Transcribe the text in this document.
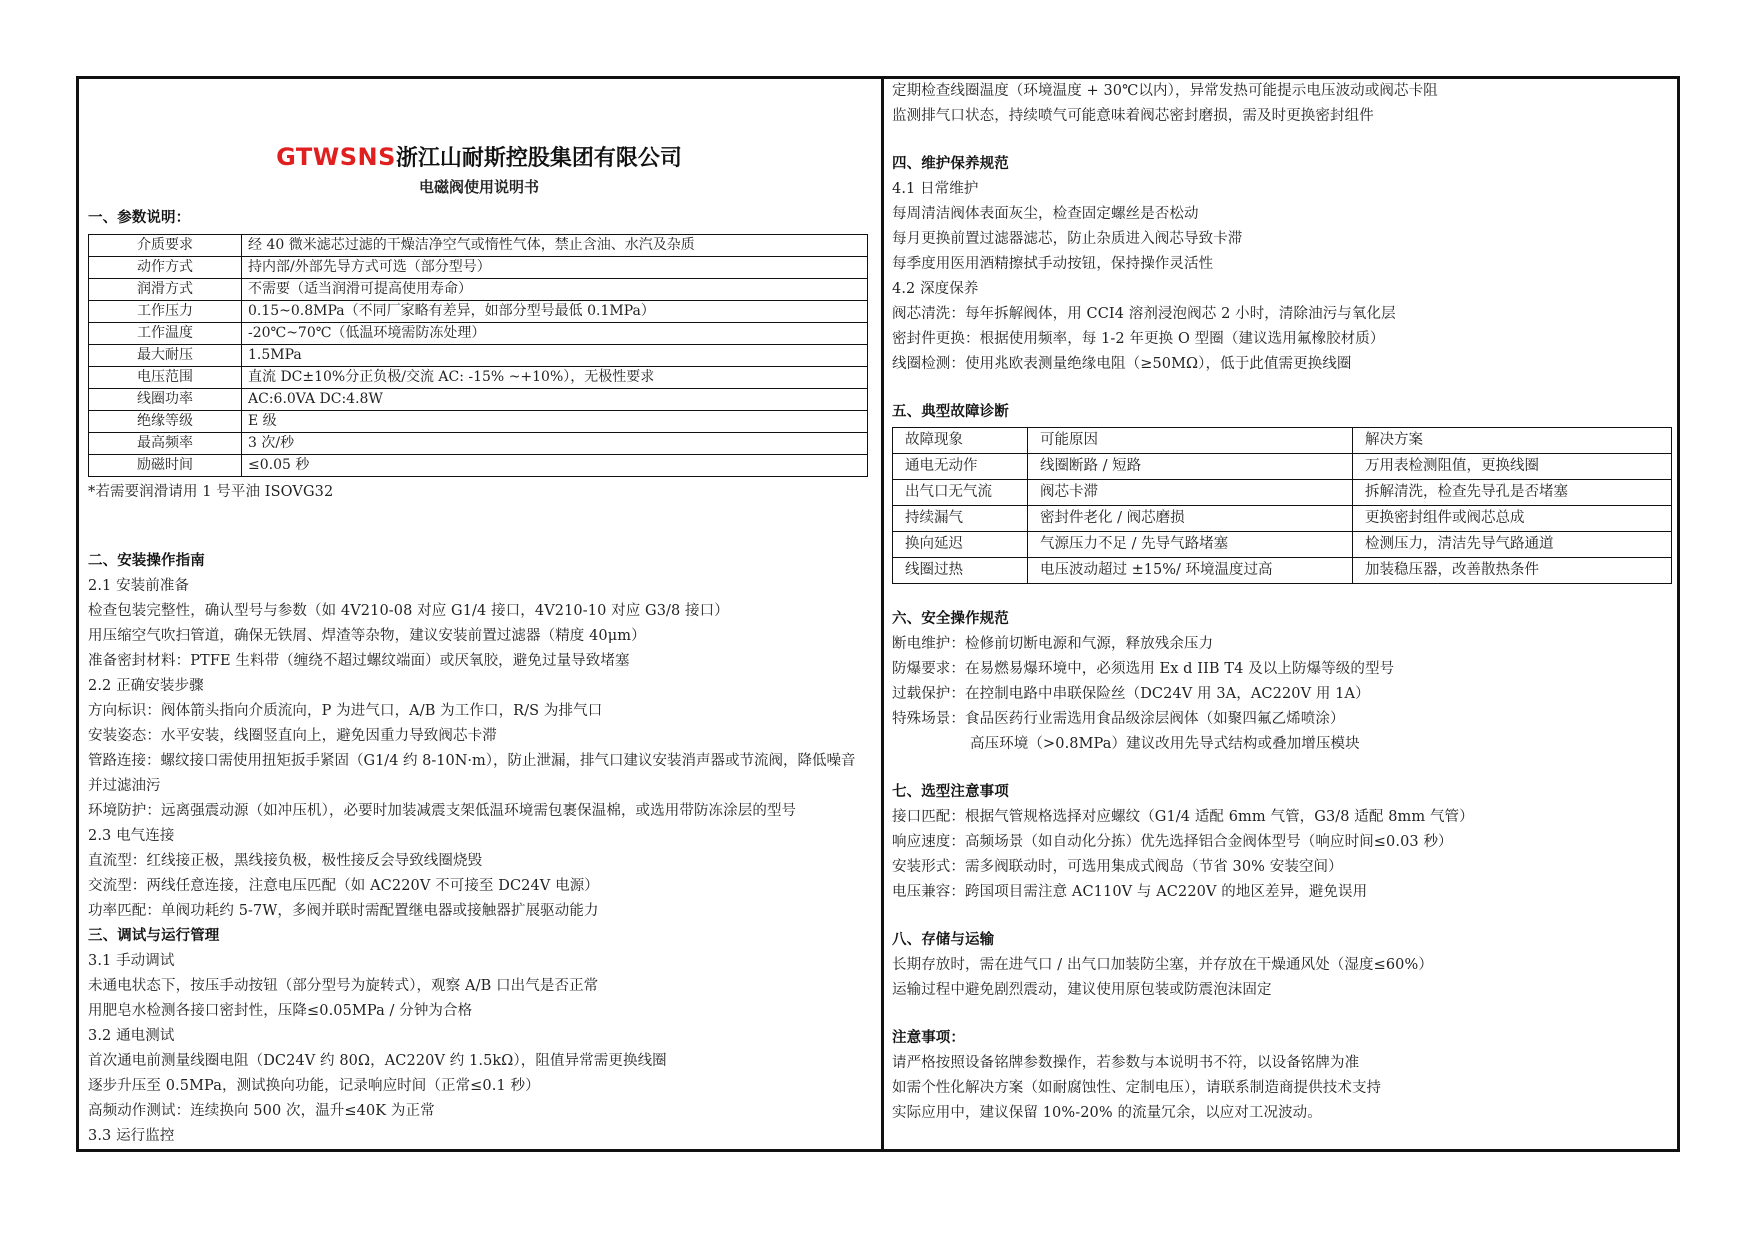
GTWSNS浙江山耐斯控股集团有限公司
电磁阀使用说明书
一、参数说明：
介质要求	经 40 微米滤芯过滤的干燥洁净空气或惰性气体，禁止含油、水汽及杂质
动作方式	持内部/外部先导方式可选（部分型号）
润滑方式	不需要（适当润滑可提高使用寿命）
工作压力	0.15~0.8MPa（不同厂家略有差异，如部分型号最低 0.1MPa）
工作温度	-20℃~70℃（低温环境需防冻处理）
最大耐压	1.5MPa
电压范围	直流 DC±10%分正负极/交流 AC: -15% ~+10%），无极性要求
线圈功率	AC:6.0VA DC:4.8W
绝缘等级	E 级
最高频率	3 次/秒
励磁时间	≤0.05 秒
*若需要润滑请用 1 号平油 ISOVG32
二、安装操作指南
2.1 安装前准备
检查包装完整性，确认型号与参数（如 4V210-08 对应 G1/4 接口，4V210-10 对应 G3/8 接口）
用压缩空气吹扫管道，确保无铁屑、焊渣等杂物，建议安装前置过滤器（精度 40μm）
准备密封材料：PTFE 生料带（缠绕不超过螺纹端面）或厌氧胶，避免过量导致堵塞
2.2 正确安装步骤
方向标识：阀体箭头指向介质流向，P 为进气口，A/B 为工作口，R/S 为排气口
安装姿态：水平安装，线圈竖直向上，避免因重力导致阀芯卡滞
管路连接：螺纹接口需使用扭矩扳手紧固（G1/4 约 8-10N·m），防止泄漏，排气口建议安装消声器或节流阀，降低噪音并过滤油污
环境防护：远离强震动源（如冲压机），必要时加装减震支架低温环境需包裹保温棉，或选用带防冻涂层的型号
2.3 电气连接
直流型：红线接正极，黑线接负极，极性接反会导致线圈烧毁
交流型：两线任意连接，注意电压匹配（如 AC220V 不可接至 DC24V 电源）
功率匹配：单阀功耗约 5-7W，多阀并联时需配置继电器或接触器扩展驱动能力
三、调试与运行管理
3.1 手动调试
未通电状态下，按压手动按钮（部分型号为旋转式），观察 A/B 口出气是否正常
用肥皂水检测各接口密封性，压降≤0.05MPa / 分钟为合格
3.2 通电测试
首次通电前测量线圈电阻（DC24V 约 80Ω，AC220V 约 1.5kΩ），阻值异常需更换线圈
逐步升压至 0.5MPa，测试换向功能，记录响应时间（正常≤0.1 秒）
高频动作测试：连续换向 500 次，温升≤40K 为正常
3.3 运行监控
定期检查线圈温度（环境温度 + 30℃以内），异常发热可能提示电压波动或阀芯卡阻
监测排气口状态，持续喷气可能意味着阀芯密封磨损，需及时更换密封组件
四、维护保养规范
4.1 日常维护
每周清洁阀体表面灰尘，检查固定螺丝是否松动
每月更换前置过滤器滤芯，防止杂质进入阀芯导致卡滞
每季度用医用酒精擦拭手动按钮，保持操作灵活性
4.2 深度保养
阀芯清洗：每年拆解阀体，用 CCI4 溶剂浸泡阀芯 2 小时，清除油污与氧化层
密封件更换：根据使用频率，每 1-2 年更换 O 型圈（建议选用氟橡胶材质）
线圈检测：使用兆欧表测量绝缘电阻（≥50MΩ），低于此值需更换线圈
五、典型故障诊断
故障现象	可能原因	解决方案
通电无动作	线圈断路 / 短路	万用表检测阻值，更换线圈
出气口无气流	阀芯卡滞	拆解清洗，检查先导孔是否堵塞
持续漏气	密封件老化 / 阀芯磨损	更换密封组件或阀芯总成
换向延迟	气源压力不足 / 先导气路堵塞	检测压力，清洁先导气路通道
线圈过热	电压波动超过 ±15%/ 环境温度过高	加装稳压器，改善散热条件
六、安全操作规范
断电维护：检修前切断电源和气源，释放残余压力
防爆要求：在易燃易爆环境中，必须选用 Ex d IIB T4 及以上防爆等级的型号
过载保护：在控制电路中串联保险丝（DC24V 用 3A，AC220V 用 1A）
特殊场景：食品医药行业需选用食品级涂层阀体（如聚四氟乙烯喷涂）
高压环境（>0.8MPa）建议改用先导式结构或叠加增压模块
七、选型注意事项
接口匹配：根据气管规格选择对应螺纹（G1/4 适配 6mm 气管，G3/8 适配 8mm 气管）
响应速度：高频场景（如自动化分拣）优先选择铝合金阀体型号（响应时间≤0.03 秒）
安装形式：需多阀联动时，可选用集成式阀岛（节省 30% 安装空间）
电压兼容：跨国项目需注意 AC110V 与 AC220V 的地区差异，避免误用
八、存储与运输
长期存放时，需在进气口 / 出气口加装防尘塞，并存放在干燥通风处（湿度≤60%）
运输过程中避免剧烈震动，建议使用原包装或防震泡沫固定
注意事项：
请严格按照设备铭牌参数操作，若参数与本说明书不符，以设备铭牌为准
如需个性化解决方案（如耐腐蚀性、定制电压），请联系制造商提供技术支持
实际应用中，建议保留 10%-20% 的流量冗余，以应对工况波动。
